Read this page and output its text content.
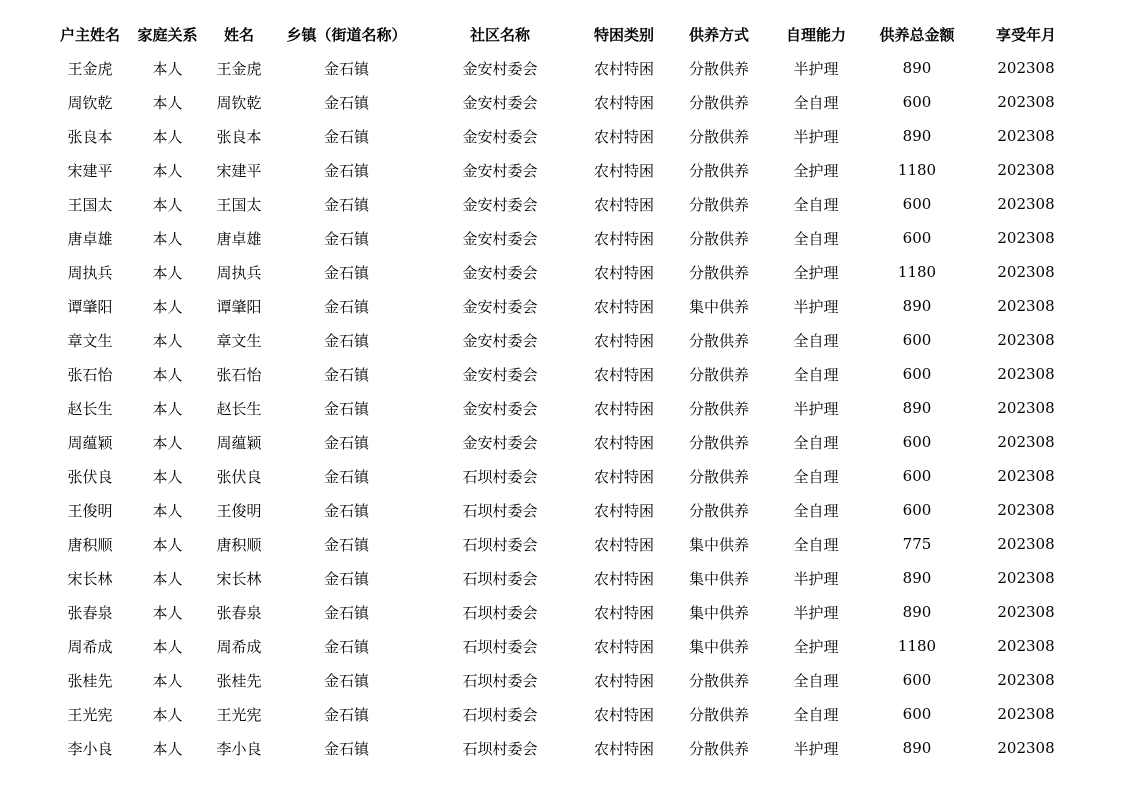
户主姓名	家庭关系	姓名	乡镇（街道名称）	社区名称	特困类别	供养方式	自理能力	供养总金额	享受年月
王金虎	本人	王金虎	金石镇	金安村委会	农村特困	分散供养	半护理	890	202308
周钦乾	本人	周钦乾	金石镇	金安村委会	农村特困	分散供养	全自理	600	202308
张良本	本人	张良本	金石镇	金安村委会	农村特困	分散供养	半护理	890	202308
宋建平	本人	宋建平	金石镇	金安村委会	农村特困	分散供养	全护理	1180	202308
王国太	本人	王国太	金石镇	金安村委会	农村特困	分散供养	全自理	600	202308
唐卓雄	本人	唐卓雄	金石镇	金安村委会	农村特困	分散供养	全自理	600	202308
周执兵	本人	周执兵	金石镇	金安村委会	农村特困	分散供养	全护理	1180	202308
谭肇阳	本人	谭肇阳	金石镇	金安村委会	农村特困	集中供养	半护理	890	202308
章文生	本人	章文生	金石镇	金安村委会	农村特困	分散供养	全自理	600	202308
张石怡	本人	张石怡	金石镇	金安村委会	农村特困	分散供养	全自理	600	202308
赵长生	本人	赵长生	金石镇	金安村委会	农村特困	分散供养	半护理	890	202308
周蕴颖	本人	周蕴颖	金石镇	金安村委会	农村特困	分散供养	全自理	600	202308
张伏良	本人	张伏良	金石镇	石坝村委会	农村特困	分散供养	全自理	600	202308
王俊明	本人	王俊明	金石镇	石坝村委会	农村特困	分散供养	全自理	600	202308
唐积顺	本人	唐积顺	金石镇	石坝村委会	农村特困	集中供养	全自理	775	202308
宋长林	本人	宋长林	金石镇	石坝村委会	农村特困	集中供养	半护理	890	202308
张春泉	本人	张春泉	金石镇	石坝村委会	农村特困	集中供养	半护理	890	202308
周希成	本人	周希成	金石镇	石坝村委会	农村特困	集中供养	全护理	1180	202308
张桂先	本人	张桂先	金石镇	石坝村委会	农村特困	分散供养	全自理	600	202308
王光宪	本人	王光宪	金石镇	石坝村委会	农村特困	分散供养	全自理	600	202308
李小良	本人	李小良	金石镇	石坝村委会	农村特困	分散供养	半护理	890	202308
